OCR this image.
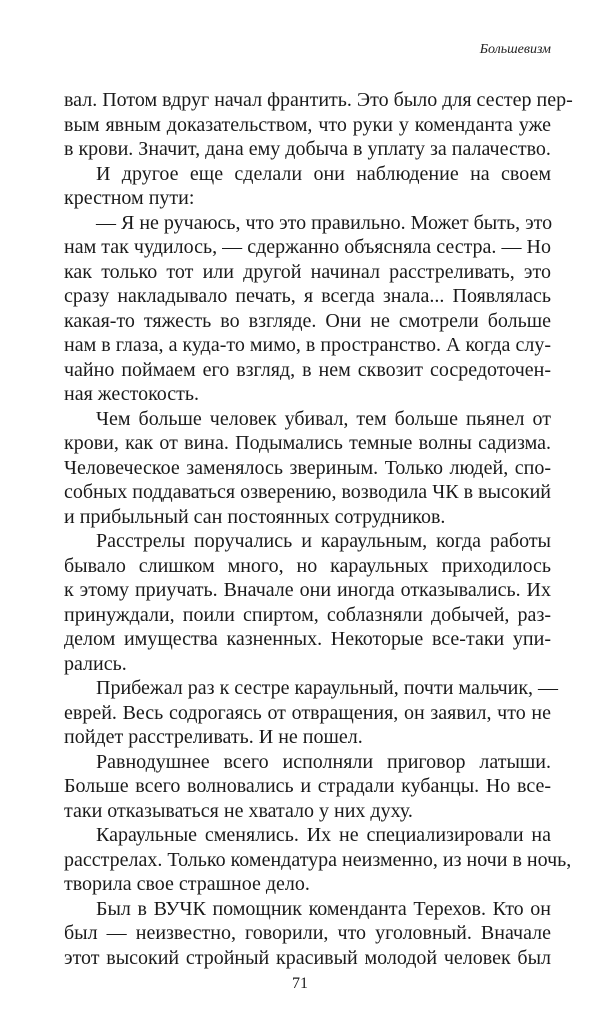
Большевизм
вал. Потом вдруг начал франтить. Это было для сестер пер-
вым явным доказательством, что руки у коменданта уже
в крови. Значит, дана ему добыча в уплату за палачество.
И другое еще сделали они наблюдение на своем
крестном пути:
— Я не ручаюсь, что это правильно. Может быть, это
нам так чудилось, — сдержанно объясняла сестра. — Но
как только тот или другой начинал расстреливать, это
сразу накладывало печать, я всегда знала... Появлялась
какая-то тяжесть во взгляде. Они не смотрели больше
нам в глаза, а куда-то мимо, в пространство. А когда слу-
чайно поймаем его взгляд, в нем сквозит сосредоточен-
ная жестокость.
Чем больше человек убивал, тем больше пьянел от
крови, как от вина. Подымались темные волны садизма.
Человеческое заменялось звериным. Только людей, спо-
собных поддаваться озверению, возводила ЧК в высокий
и прибыльный сан постоянных сотрудников.
Расстрелы поручались и караульным, когда работы
бывало слишком много, но караульных приходилось
к этому приучать. Вначале они иногда отказывались. Их
принуждали, поили спиртом, соблазняли добычей, раз-
делом имущества казненных. Некоторые все-таки упи-
рались.
Прибежал раз к сестре караульный, почти мальчик, —
еврей. Весь содрогаясь от отвращения, он заявил, что не
пойдет расстреливать. И не пошел.
Равнодушнее всего исполняли приговор латыши.
Больше всего волновались и страдали кубанцы. Но все-
таки отказываться не хватало у них духу.
Караульные сменялись. Их не специализировали на
расстрелах. Только комендатура неизменно, из ночи в ночь,
творила свое страшное дело.
Был в ВУЧК помощник коменданта Терехов. Кто он
был — неизвестно, говорили, что уголовный. Вначале
этот высокий стройный красивый молодой человек был
71
